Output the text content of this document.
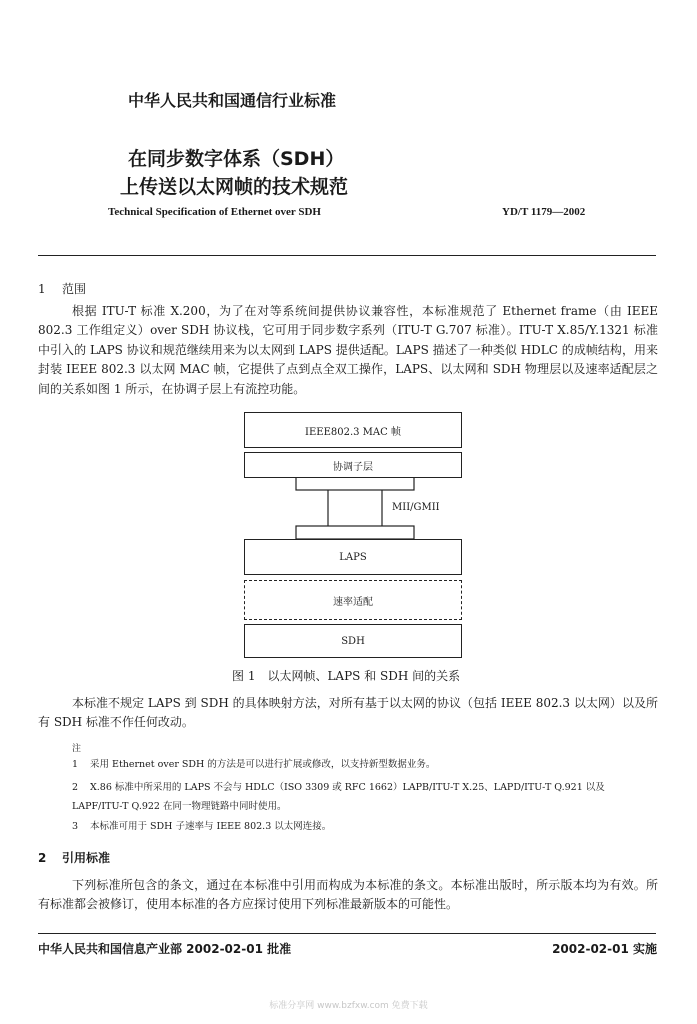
中华人民共和国通信行业标准
在同步数字体系（SDH）
上传送以太网帧的技术规范
Technical Specification of Ethernet over SDH	YD/T 1179—2002
1 范围
根据 ITU-T 标准 X.200，为了在对等系统间提供协议兼容性，本标准规范了 Ethernet frame（由 IEEE 802.3 工作组定义）over SDH 协议栈，它可用于同步数字系列（ITU-T G.707 标准）。ITU-T X.85/Y.1321 标准中引入的 LAPS 协议和规范继续用来为以太网到 LAPS 提供适配。LAPS 描述了一种类似 HDLC 的成帧结构，用来封装 IEEE 802.3 以太网 MAC 帧，它提供了点到点全双工操作，LAPS、以太网和 SDH 物理层以及速率适配层之间的关系如图 1 所示，在协调子层上有流控功能。
IEEE802.3 MAC 帧
协调子层
MII/GMII
LAPS
速率适配
SDH
图 1　以太网帧、LAPS 和 SDH 间的关系
本标准不规定 LAPS 到 SDH 的具体映射方法，对所有基于以太网的协议（包括 IEEE 802.3 以太网）以及所有 SDH 标准不作任何改动。
注
1 采用 Ethernet over SDH 的方法是可以进行扩展或修改，以支持新型数据业务。
2 X.86 标准中所采用的 LAPS 不会与 HDLC（ISO 3309 或 RFC 1662）LAPB/ITU-T X.25、LAPD/ITU-T Q.921 以及 LAPF/ITU-T Q.922 在同一物理链路中同时使用。
3 本标准可用于 SDH 子速率与 IEEE 802.3 以太网连接。
2 引用标准
下列标准所包含的条文，通过在本标准中引用而构成为本标准的条文。本标准出版时，所示版本均为有效。所有标准都会被修订，使用本标准的各方应探讨使用下列标准最新版本的可能性。
中华人民共和国信息产业部 2002-02-01 批准	2002-02-01 实施
标准分享网 www.bzfxw.com 免费下载
